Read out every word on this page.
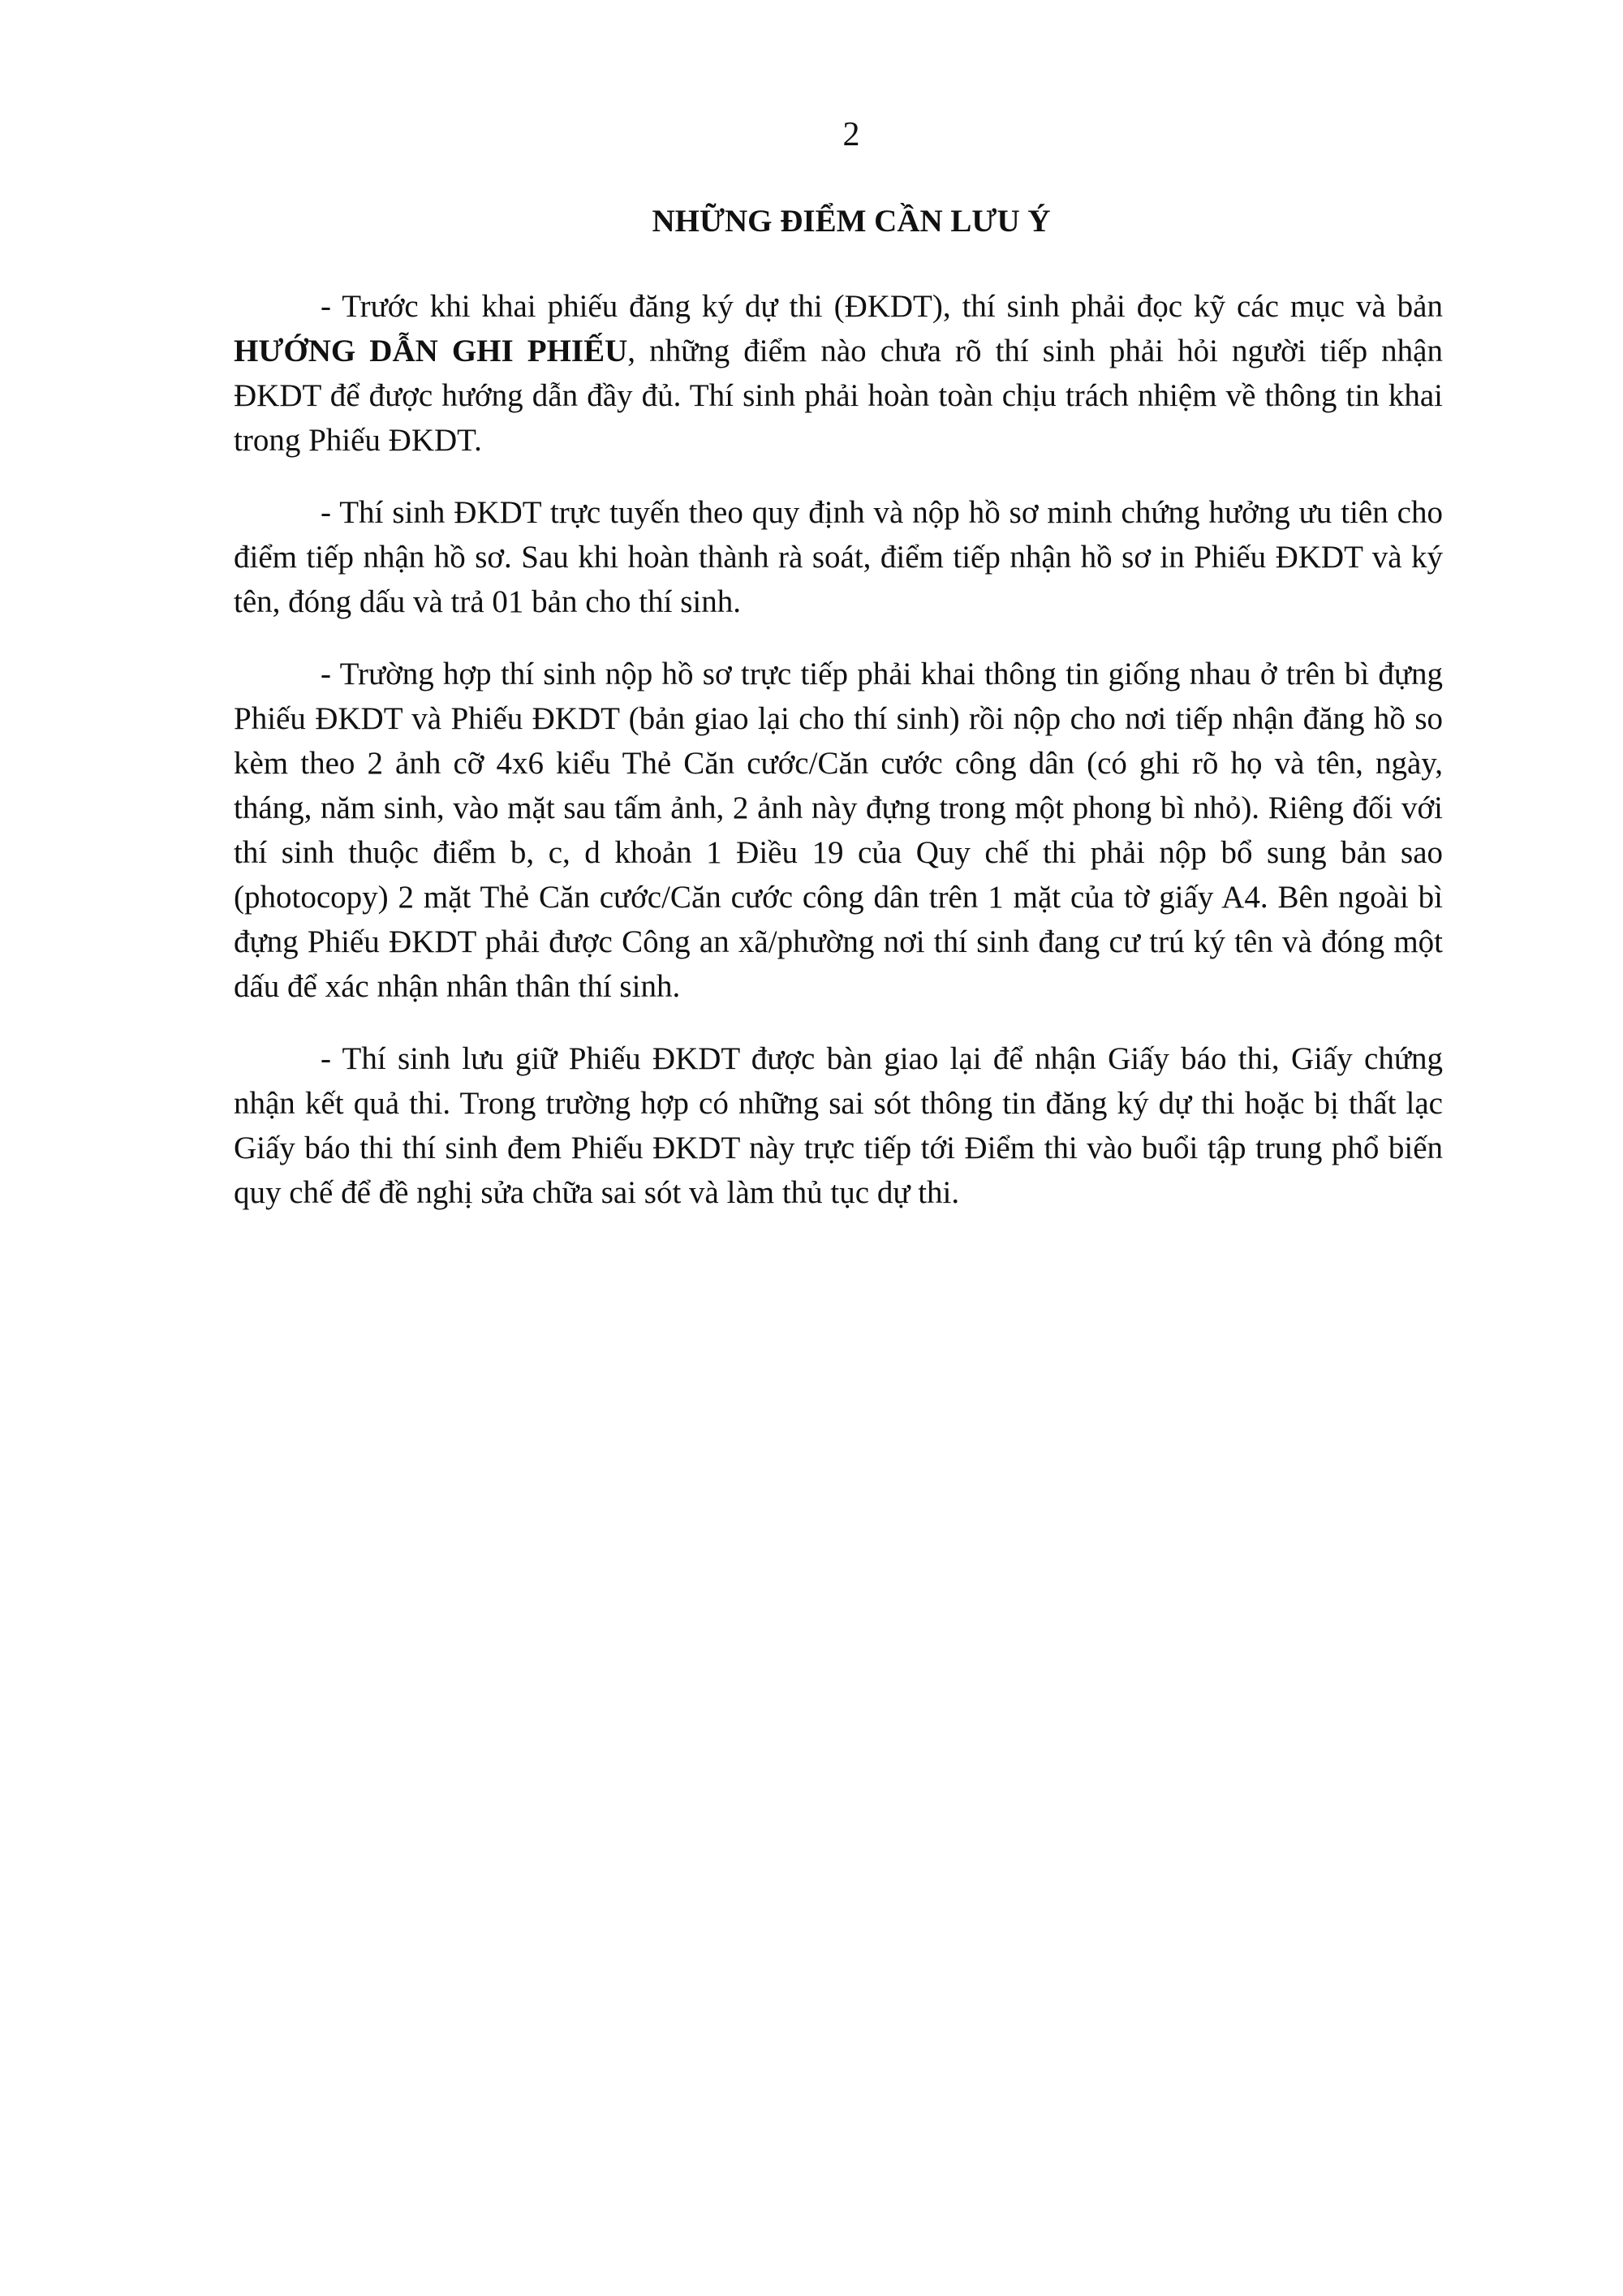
2

NHỮNG ĐIỂM CẦN LƯU Ý

- Trước khi khai phiếu đăng ký dự thi (ĐKDT), thí sinh phải đọc kỹ các mục và bản HƯỚNG DẪN GHI PHIẾU, những điểm nào chưa rõ thí sinh phải hỏi người tiếp nhận ĐKDT để được hướng dẫn đầy đủ. Thí sinh phải hoàn toàn chịu trách nhiệm về thông tin khai trong Phiếu ĐKDT.

- Thí sinh ĐKDT trực tuyến theo quy định và nộp hồ sơ minh chứng hưởng ưu tiên cho điểm tiếp nhận hồ sơ. Sau khi hoàn thành rà soát, điểm tiếp nhận hồ sơ in Phiếu ĐKDT và ký tên, đóng dấu và trả 01 bản cho thí sinh.

- Trường hợp thí sinh nộp hồ sơ trực tiếp phải khai thông tin giống nhau ở trên bì đựng Phiếu ĐKDT và Phiếu ĐKDT (bản giao lại cho thí sinh) rồi nộp cho nơi tiếp nhận đăng hồ so kèm theo 2 ảnh cỡ 4x6 kiểu Thẻ Căn cước/Căn cước công dân (có ghi rõ họ và tên, ngày, tháng, năm sinh, vào mặt sau tấm ảnh, 2 ảnh này đựng trong một phong bì nhỏ). Riêng đối với thí sinh thuộc điểm b, c, d khoản 1 Điều 19 của Quy chế thi phải nộp bổ sung bản sao (photocopy) 2 mặt Thẻ Căn cước/Căn cước công dân trên 1 mặt của tờ giấy A4. Bên ngoài bì đựng Phiếu ĐKDT phải được Công an xã/phường nơi thí sinh đang cư trú ký tên và đóng một dấu để xác nhận nhân thân thí sinh.

- Thí sinh lưu giữ Phiếu ĐKDT được bàn giao lại để nhận Giấy báo thi, Giấy chứng nhận kết quả thi. Trong trường hợp có những sai sót thông tin đăng ký dự thi hoặc bị thất lạc Giấy báo thi thí sinh đem Phiếu ĐKDT này trực tiếp tới Điểm thi vào buổi tập trung phổ biến quy chế để đề nghị sửa chữa sai sót và làm thủ tục dự thi.
